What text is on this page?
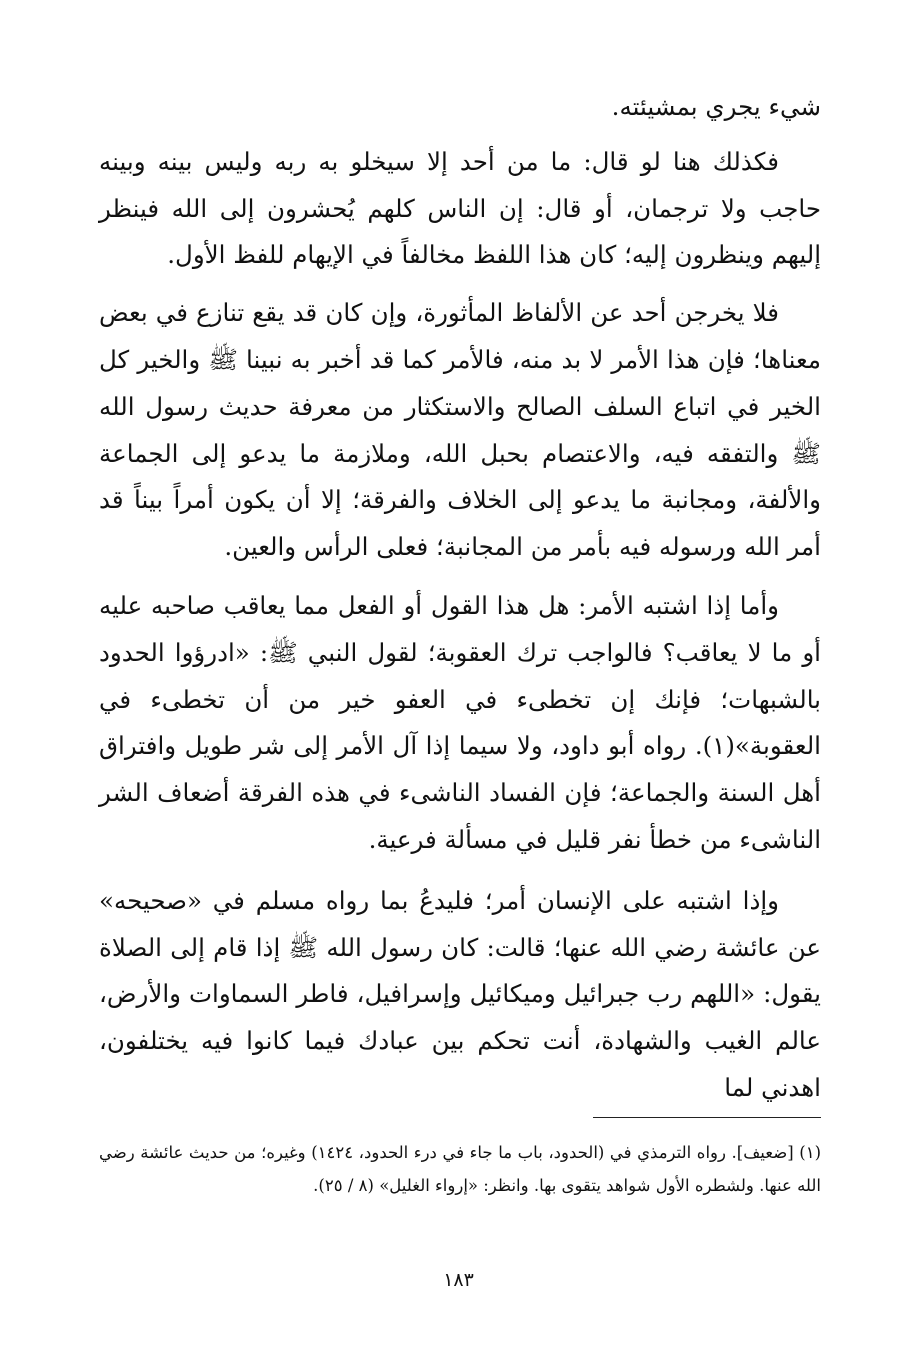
شيء يجري بمشيئته.

فكذلك هنا لو قال: ما من أحد إلا سيخلو به ربه وليس بينه وبينه حاجب ولا ترجمان، أو قال: إن الناس كلهم يُحشرون إلى الله فينظر إليهم وينظرون إليه؛ كان هذا اللفظ مخالفاً في الإيهام للفظ الأول.

فلا يخرجن أحد عن الألفاظ المأثورة، وإن كان قد يقع تنازع في بعض معناها؛ فإن هذا الأمر لا بد منه، فالأمر كما قد أخبر به نبينا ﷺ والخير كل الخير في اتباع السلف الصالح والاستكثار من معرفة حديث رسول الله ﷺ والتفقه فيه، والاعتصام بحبل الله، وملازمة ما يدعو إلى الجماعة والألفة، ومجانبة ما يدعو إلى الخلاف والفرقة؛ إلا أن يكون أمراً بيناً قد أمر الله ورسوله فيه بأمر من المجانبة؛ فعلى الرأس والعين.

وأما إذا اشتبه الأمر: هل هذا القول أو الفعل مما يعاقب صاحبه عليه أو ما لا يعاقب؟ فالواجب ترك العقوبة؛ لقول النبي ﷺ: «ادرؤوا الحدود بالشبهات؛ فإنك إن تخطىء في العفو خير من أن تخطىء في العقوبة»(١). رواه أبو داود، ولا سيما إذا آل الأمر إلى شر طويل وافتراق أهل السنة والجماعة؛ فإن الفساد الناشىء في هذه الفرقة أضعاف الشر الناشىء من خطأ نفر قليل في مسألة فرعية.

وإذا اشتبه على الإنسان أمر؛ فليدعُ بما رواه مسلم في «صحيحه» عن عائشة رضي الله عنها؛ قالت: كان رسول الله ﷺ إذا قام إلى الصلاة يقول: «اللهم رب جبرائيل وميكائيل وإسرافيل، فاطر السماوات والأرض، عالم الغيب والشهادة، أنت تحكم بين عبادك فيما كانوا فيه يختلفون، اهدني لما

(١) [ضعيف]. رواه الترمذي في (الحدود، باب ما جاء في درء الحدود، ١٤٢٤) وغيره؛ من حديث عائشة رضي الله عنها. ولشطره الأول شواهد يتقوى بها. وانظر: «إرواء الغليل» (٨ / ٢٥).

١٨٣
